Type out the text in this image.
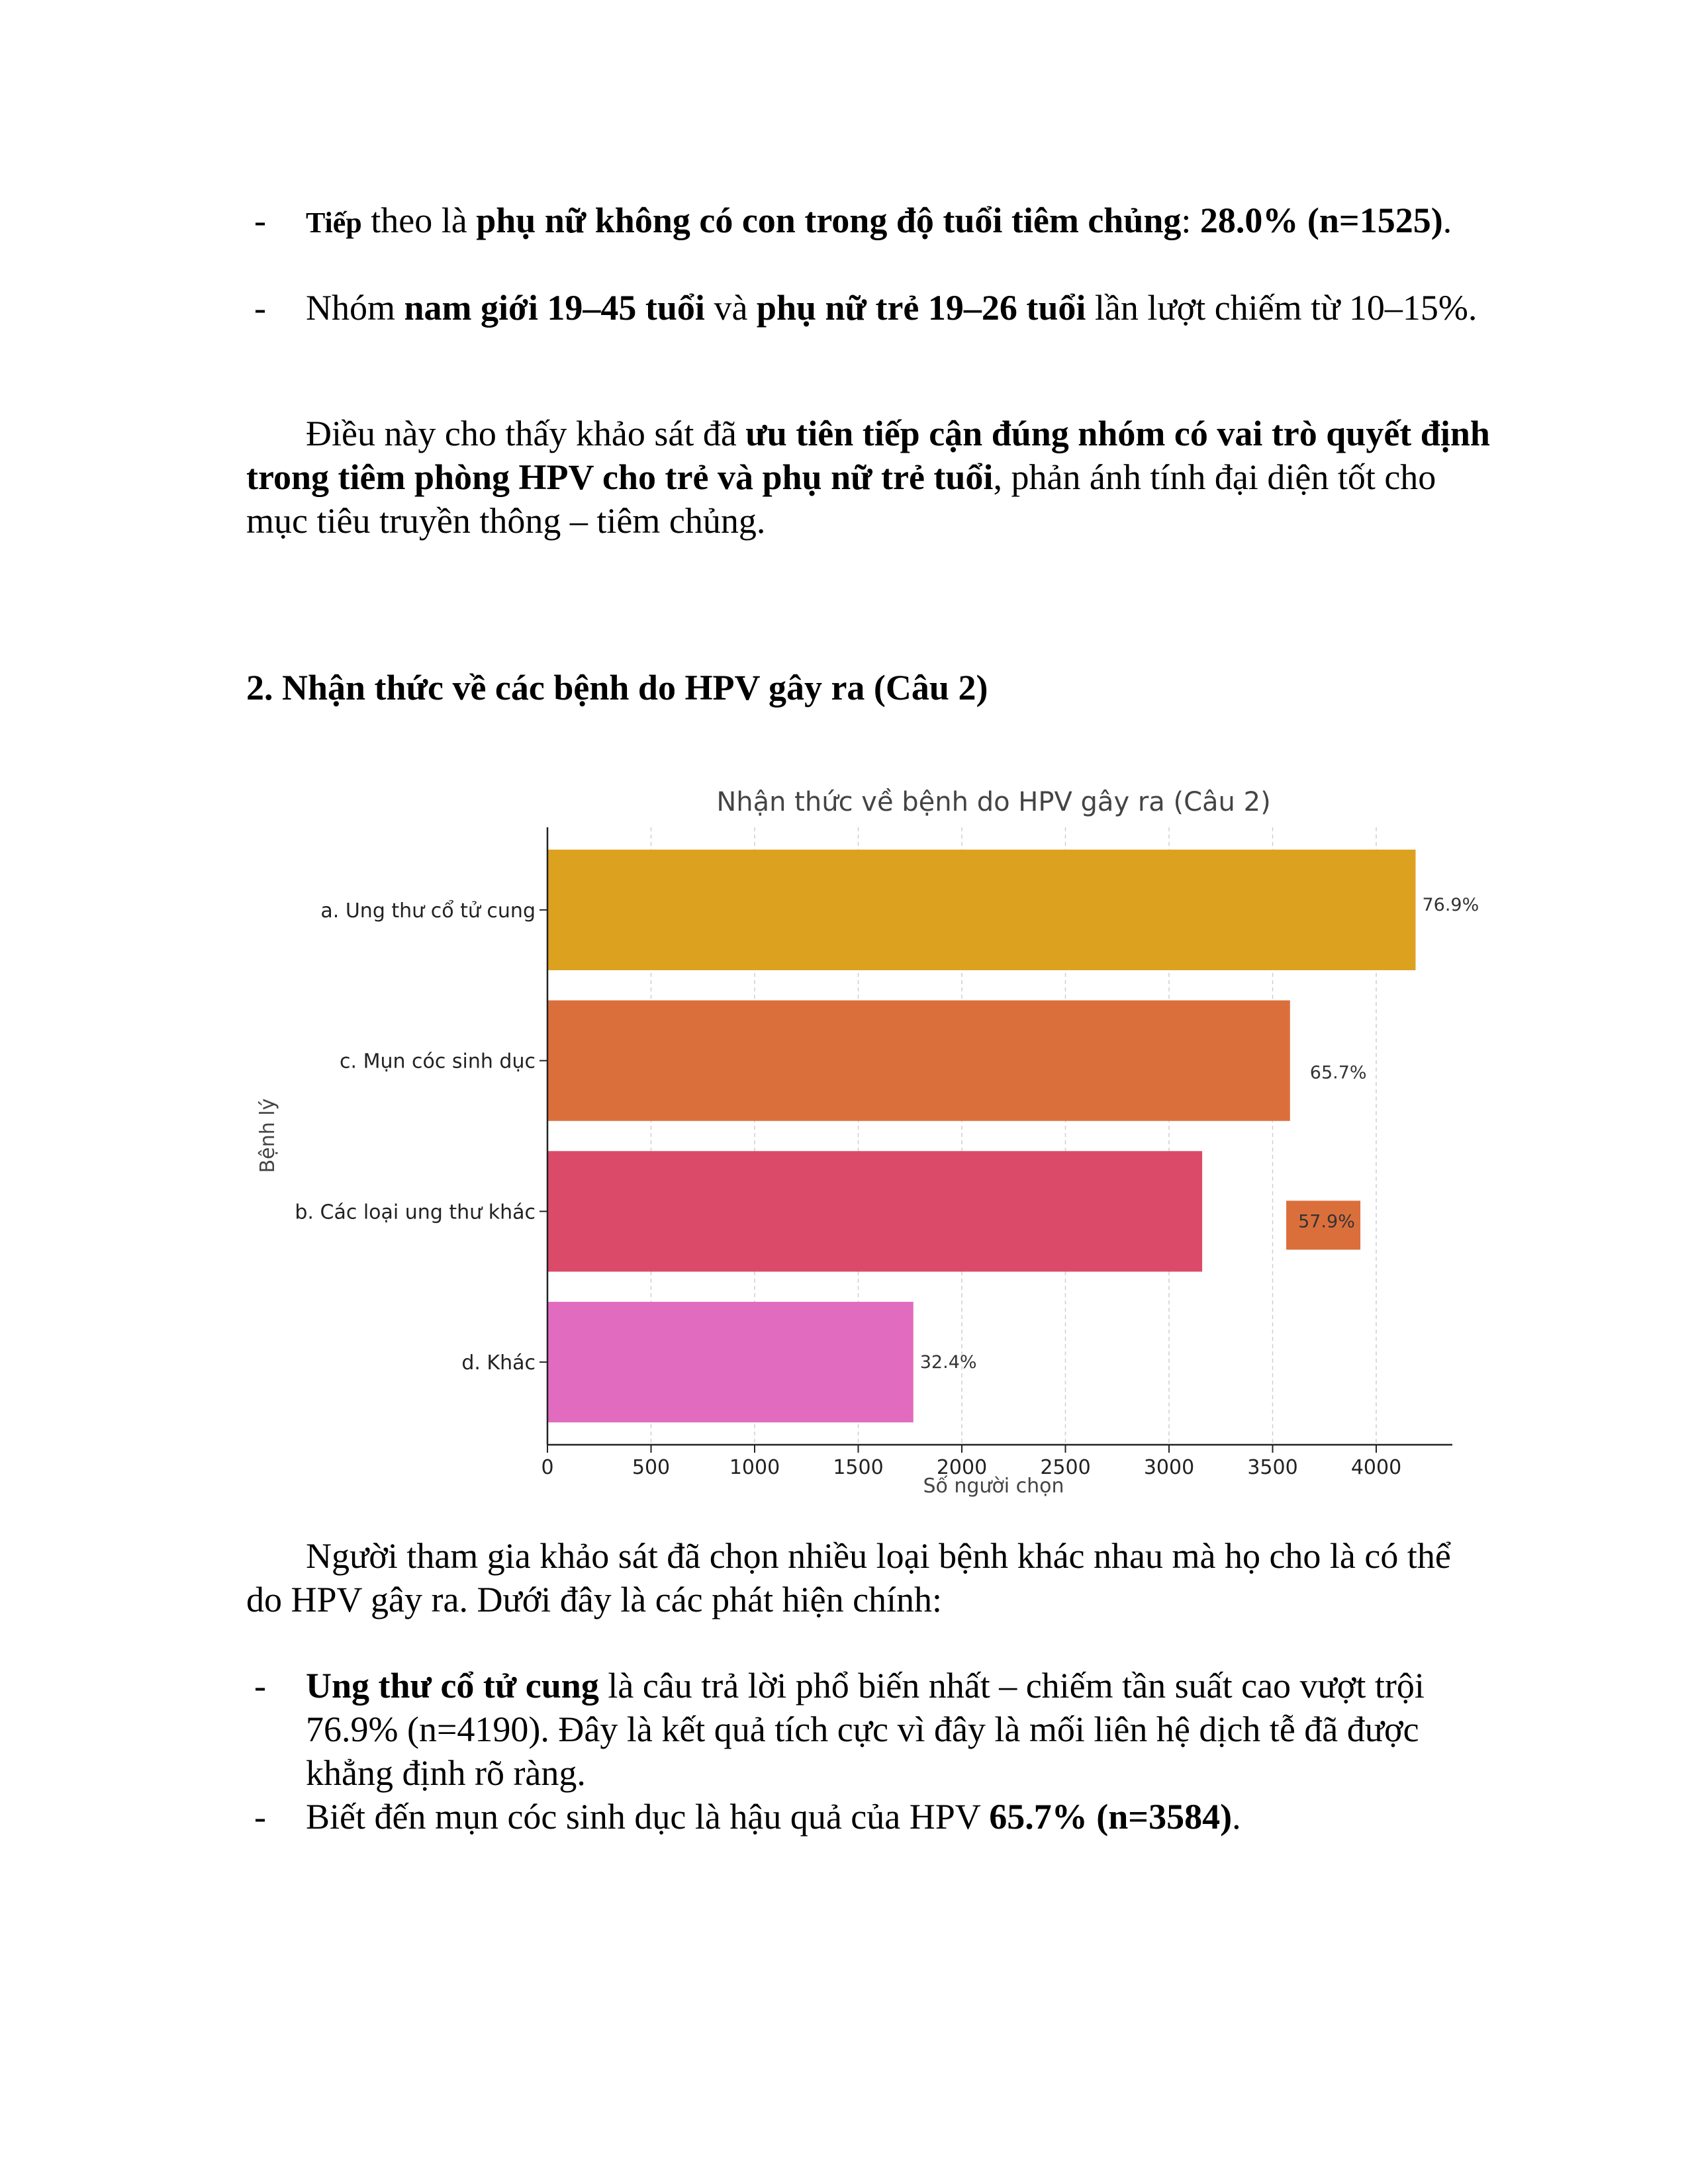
- Tiếp theo là phụ nữ không có con trong độ tuổi tiêm chủng: 28.0% (n=1525).
- Nhóm nam giới 19–45 tuổi và phụ nữ trẻ 19–26 tuổi lần lượt chiếm từ 10–15%.
Điều này cho thấy khảo sát đã ưu tiên tiếp cận đúng nhóm có vai trò quyết định trong tiêm phòng HPV cho trẻ và phụ nữ trẻ tuổi, phản ánh tính đại diện tốt cho mục tiêu truyền thông – tiêm chủng.
2. Nhận thức về các bệnh do HPV gây ra (Câu 2)
76.9%
65.7%
57.9%
32.4%
0	500	1000	1500	2000	2500	3000	3500	4000
a. Ung thư cổ tử cung
c. Mụn cóc sinh dục
b. Các loại ung thư khác
d. Khác
Nhận thức về bệnh do HPV gây ra (Câu 2)
Số người chọn
Bệnh lý
Người tham gia khảo sát đã chọn nhiều loại bệnh khác nhau mà họ cho là có thể do HPV gây ra. Dưới đây là các phát hiện chính:
- Ung thư cổ tử cung là câu trả lời phổ biến nhất – chiếm tần suất cao vượt trội 76.9% (n=4190). Đây là kết quả tích cực vì đây là mối liên hệ dịch tễ đã được khẳng định rõ ràng.
- Biết đến mụn cóc sinh dục là hậu quả của HPV 65.7% (n=3584).
